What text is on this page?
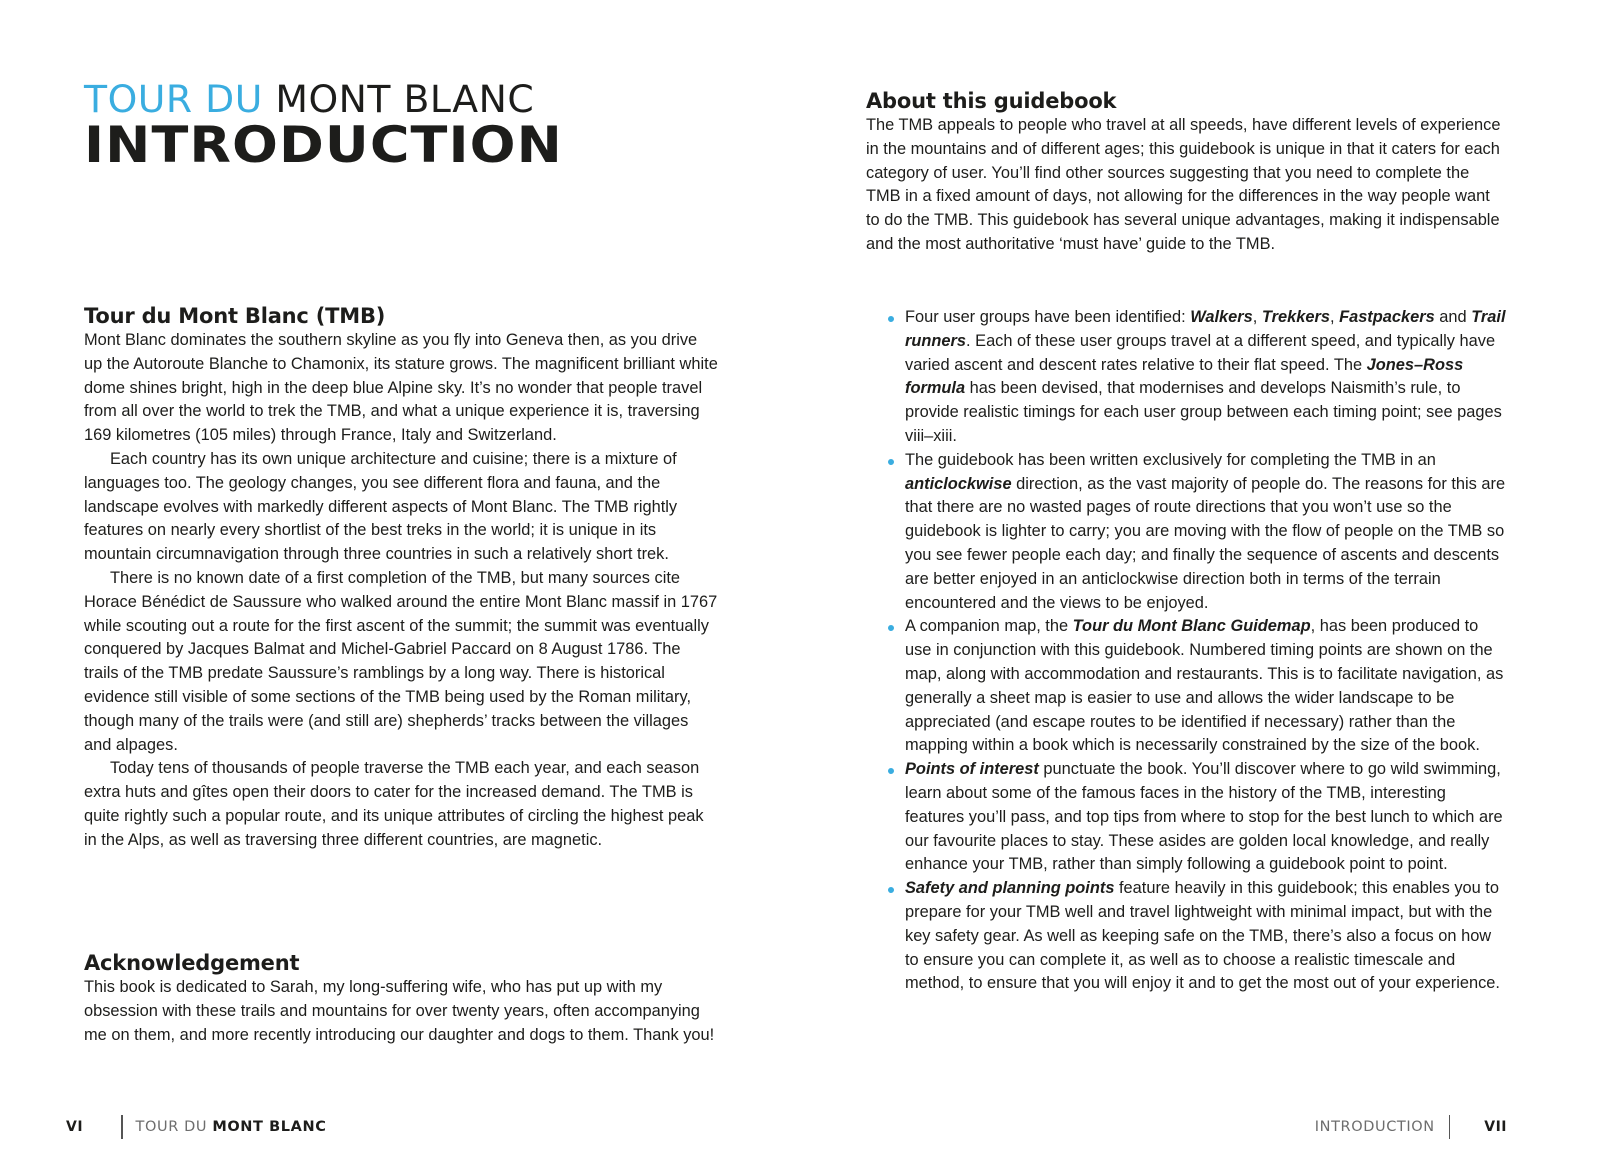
TOUR DU MONT BLANC
INTRODUCTION
Tour du Mont Blanc (TMB)

Mont Blanc dominates the southern skyline as you fly into Geneva then, as you drive up the Autoroute Blanche to Chamonix, its stature grows. The magnificent brilliant white dome shines bright, high in the deep blue Alpine sky. It’s no wonder that people travel from all over the world to trek the TMB, and what a unique experience it is, traversing 169 kilometres (105 miles) through France, Italy and Switzerland.

Each country has its own unique architecture and cuisine; there is a mixture of languages too. The geology changes, you see different flora and fauna, and the landscape evolves with markedly different aspects of Mont Blanc. The TMB rightly features on nearly every shortlist of the best treks in the world; it is unique in its mountain circumnavigation through three countries in such a relatively short trek.

There is no known date of a first completion of the TMB, but many sources cite Horace Bénédict de Saussure who walked around the entire Mont Blanc massif in 1767 while scouting out a route for the first ascent of the summit; the summit was eventually conquered by Jacques Balmat and Michel-Gabriel Paccard on 8 August 1786. The trails of the TMB predate Saussure’s ramblings by a long way. There is historical evidence still visible of some sections of the TMB being used by the Roman military, though many of the trails were (and still are) shepherds’ tracks between the villages and alpages.

Today tens of thousands of people traverse the TMB each year, and each season extra huts and gîtes open their doors to cater for the increased demand. The TMB is quite rightly such a popular route, and its unique attributes of circling the highest peak in the Alps, as well as traversing three different countries, are magnetic.

Acknowledgement

This book is dedicated to Sarah, my long-suffering wife, who has put up with my obsession with these trails and mountains for over twenty years, often accompanying me on them, and more recently introducing our daughter and dogs to them. Thank you!

VI	TOUR DU MONT BLANC
About this guidebook

The TMB appeals to people who travel at all speeds, have different levels of experience in the mountains and of different ages; this guidebook is unique in that it caters for each category of user. You’ll find other sources suggesting that you need to complete the TMB in a fixed amount of days, not allowing for the differences in the way people want to do the TMB. This guidebook has several unique advantages, making it indispensable and the most authoritative ‘must have’ guide to the TMB.

Four user groups have been identified: Walkers, Trekkers, Fastpackers and Trail runners. Each of these user groups travel at a different speed, and typically have varied ascent and descent rates relative to their flat speed. The Jones–Ross formula has been devised, that modernises and develops Naismith’s rule, to provide realistic timings for each user group between each timing point; see pages viii–xiii.
The guidebook has been written exclusively for completing the TMB in an anticlockwise direction, as the vast majority of people do. The reasons for this are that there are no wasted pages of route directions that you won’t use so the guidebook is lighter to carry; you are moving with the flow of people on the TMB so you see fewer people each day; and finally the sequence of ascents and descents are better enjoyed in an anticlockwise direction both in terms of the terrain encountered and the views to be enjoyed.
A companion map, the Tour du Mont Blanc Guidemap, has been produced to use in conjunction with this guidebook. Numbered timing points are shown on the map, along with accommodation and restaurants. This is to facilitate navigation, as generally a sheet map is easier to use and allows the wider landscape to be appreciated (and escape routes to be identified if necessary) rather than the mapping within a book which is necessarily constrained by the size of the book.
Points of interest punctuate the book. You’ll discover where to go wild swimming, learn about some of the famous faces in the history of the TMB, interesting features you’ll pass, and top tips from where to stop for the best lunch to which are our favourite places to stay. These asides are golden local knowledge, and really enhance your TMB, rather than simply following a guidebook point to point.
Safety and planning points feature heavily in this guidebook; this enables you to prepare for your TMB well and travel lightweight with minimal impact, but with the key safety gear. As well as keeping safe on the TMB, there’s also a focus on how to ensure you can complete it, as well as to choose a realistic timescale and method, to ensure that you will enjoy it and to get the most out of your experience.
INTRODUCTION	VII
